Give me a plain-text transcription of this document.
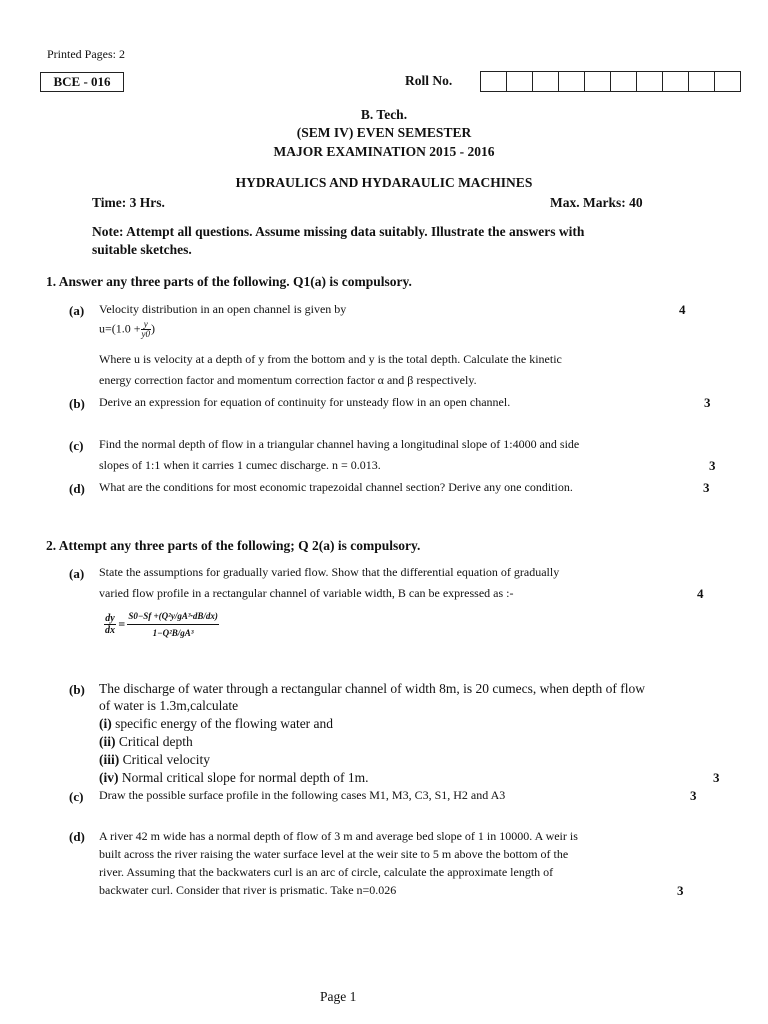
Printed Pages: 2
BCE - 016	Roll No.
B. Tech.
(SEM IV) EVEN SEMESTER
MAJOR EXAMINATION 2015 - 2016
HYDRAULICS AND HYDARAULIC MACHINES
Time: 3 Hrs.	Max. Marks: 40
Note: Attempt all questions. Assume missing data suitably. Illustrate the answers with
suitable sketches.
1. Answer any three parts of the following. Q1(a) is compulsory.
(a) Velocity distribution in an open channel is given by	4
$u=(1.0 + \frac{y}{y0}$ )
Where u is velocity at a depth of y from the bottom and y is the total depth. Calculate the kinetic
energy correction factor and momentum correction factor α and β respectively.
(b) Derive an expression for equation of continuity for unsteady flow in an open channel.	3
(c) Find the normal depth of flow in a triangular channel having a longitudinal slope of 1:4000 and side
slopes of 1:1 when it carries 1 cumec discharge. n = 0.013.	3
(d) What are the conditions for most economic trapezoidal channel section? Derive any one condition.	3
2. Attempt any three parts of the following; Q 2(a) is compulsory.
(a) State the assumptions for gradually varied flow. Show that the differential equation of gradually
varied flow profile in a rectangular channel of variable width, B can be expressed as :-	4
$\frac{dy}{dx} = \frac{\text{S0−Sf +(Q²y/gA³·dB/dx)}}{\text{1−Q²B/gA³}}$
(b) The discharge of water through a rectangular channel of width 8m, is 20 cumecs, when depth of flow
of water is 1.3m,calculate
(i) specific energy of the flowing water and
(ii) Critical depth
(iii) Critical velocity
(iv) Normal critical slope for normal depth of 1m.	3
(c) Draw the possible surface profile in the following cases M1, M3, C3, S1, H2 and A3	3
(d) A river 42 m wide has a normal depth of flow of 3 m and average bed slope of 1 in 10000. A weir is
built across the river raising the water surface level at the weir site to 5 m above the bottom of the
river. Assuming that the backwaters curl is an arc of circle, calculate the approximate length of
backwater curl. Consider that river is prismatic. Take n=0.026	3
Page 1
